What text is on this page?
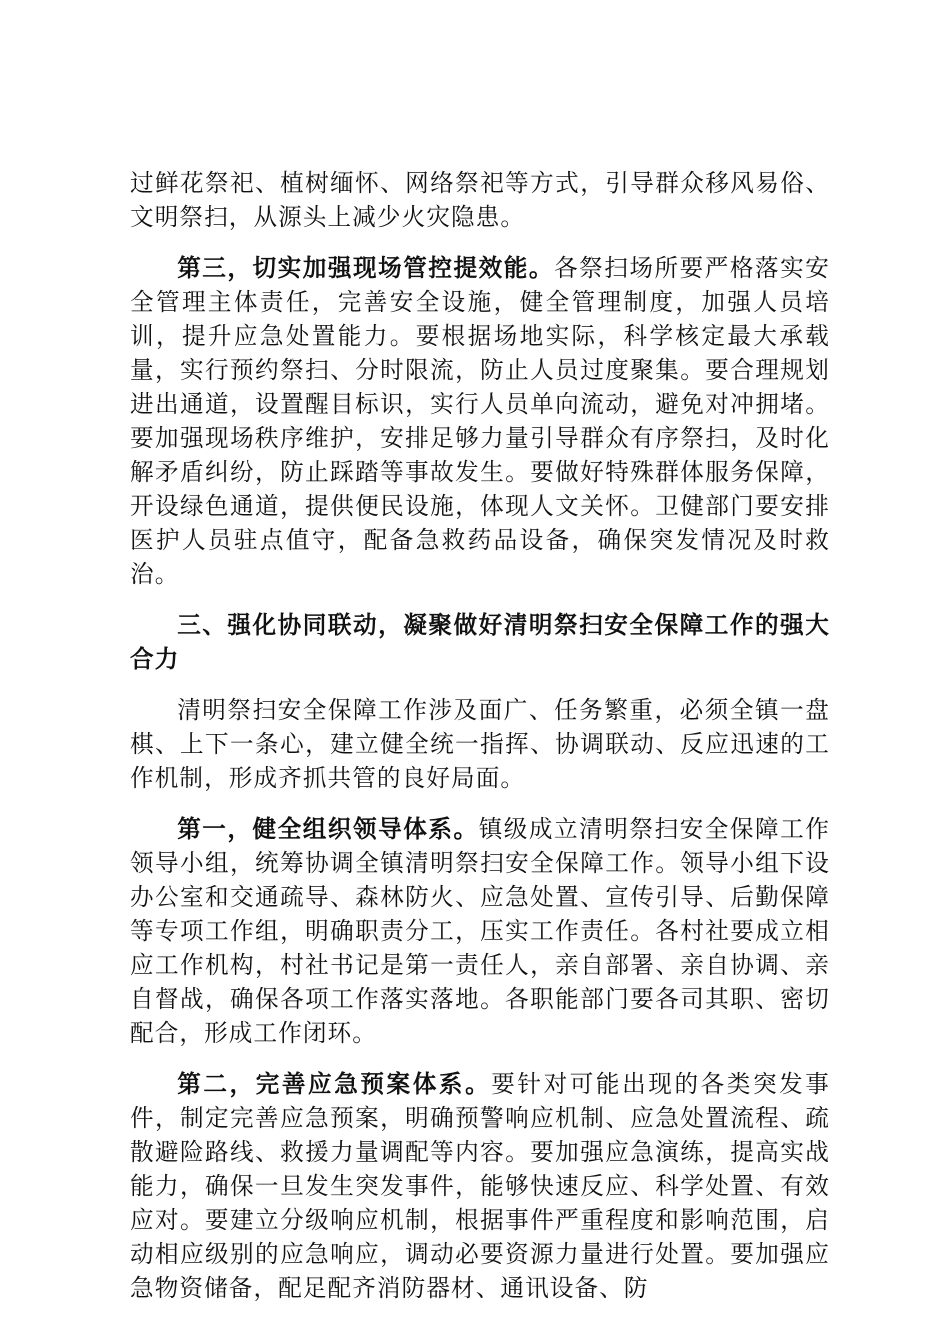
过鲜花祭祀、植树缅怀、网络祭祀等方式，引导群众移风易俗、文明祭扫，从源头上减少火灾隐患。

第三，切实加强现场管控提效能。各祭扫场所要严格落实安全管理主体责任，完善安全设施，健全管理制度，加强人员培训，提升应急处置能力。要根据场地实际，科学核定最大承载量，实行预约祭扫、分时限流，防止人员过度聚集。要合理规划进出通道，设置醒目标识，实行人员单向流动，避免对冲拥堵。要加强现场秩序维护，安排足够力量引导群众有序祭扫，及时化解矛盾纠纷，防止踩踏等事故发生。要做好特殊群体服务保障，开设绿色通道，提供便民设施，体现人文关怀。卫健部门要安排医护人员驻点值守，配备急救药品设备，确保突发情况及时救治。

三、强化协同联动，凝聚做好清明祭扫安全保障工作的强大合力

清明祭扫安全保障工作涉及面广、任务繁重，必须全镇一盘棋、上下一条心，建立健全统一指挥、协调联动、反应迅速的工作机制，形成齐抓共管的良好局面。

第一，健全组织领导体系。镇级成立清明祭扫安全保障工作领导小组，统筹协调全镇清明祭扫安全保障工作。领导小组下设办公室和交通疏导、森林防火、应急处置、宣传引导、后勤保障等专项工作组，明确职责分工，压实工作责任。各村社要成立相应工作机构，村社书记是第一责任人，亲自部署、亲自协调、亲自督战，确保各项工作落实落地。各职能部门要各司其职、密切配合，形成工作闭环。

第二，完善应急预案体系。要针对可能出现的各类突发事件，制定完善应急预案，明确预警响应机制、应急处置流程、疏散避险路线、救援力量调配等内容。要加强应急演练，提高实战能力，确保一旦发生突发事件，能够快速反应、科学处置、有效应对。要建立分级响应机制，根据事件严重程度和影响范围，启动相应级别的应急响应，调动必要资源力量进行处置。要加强应急物资储备，配足配齐消防器材、通讯设备、防
